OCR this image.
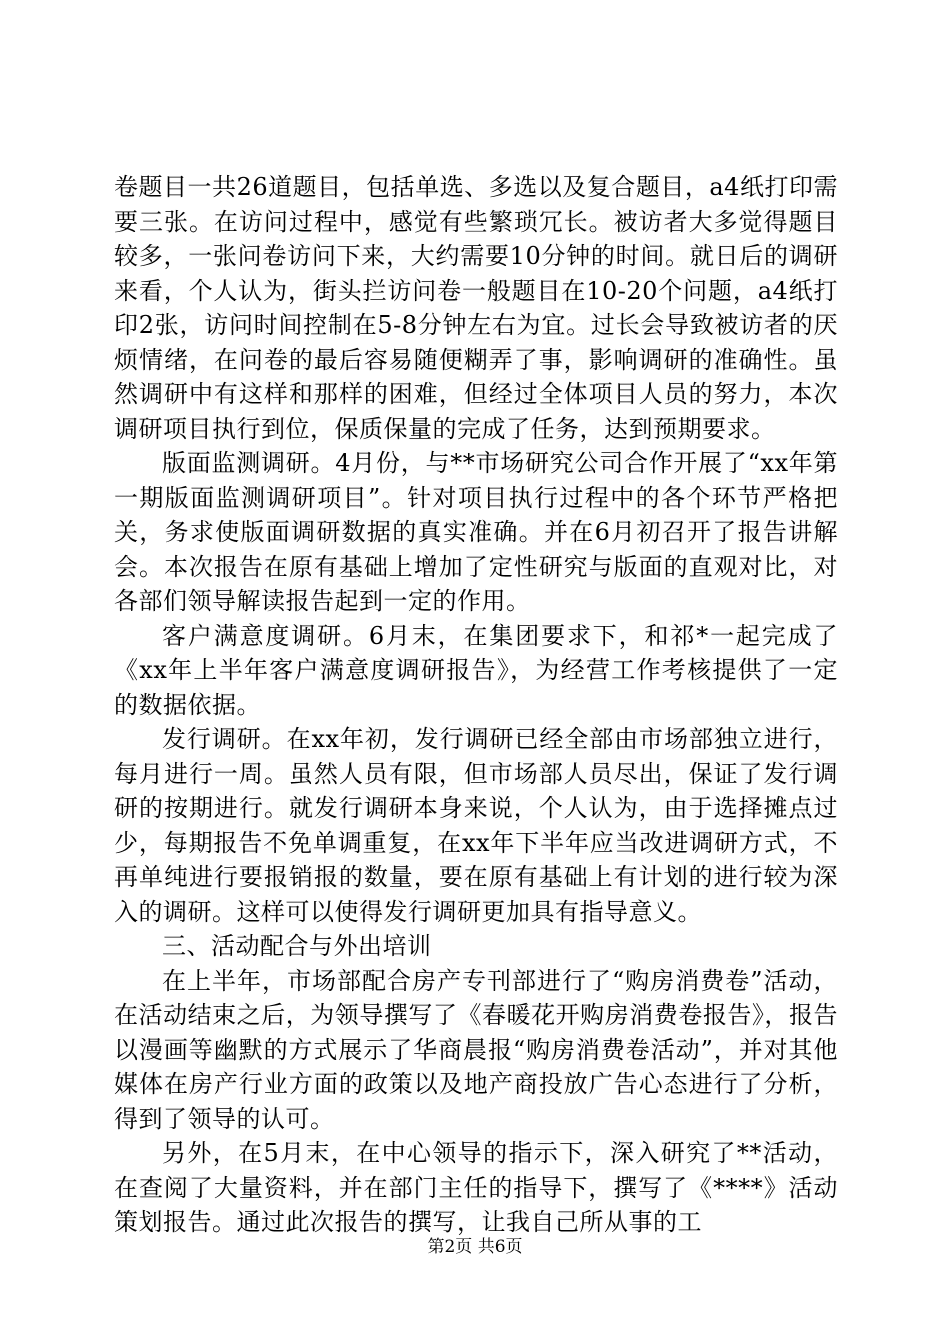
卷题目一共26道题目，包括单选、多选以及复合题目，a4纸打印需要三张。在访问过程中，感觉有些繁琐冗长。被访者大多觉得题目较多，一张问卷访问下来，大约需要10分钟的时间。就日后的调研来看，个人认为，街头拦访问卷一般题目在10-20个问题，a4纸打印2张，访问时间控制在5-8分钟左右为宜。过长会导致被访者的厌烦情绪，在问卷的最后容易随便糊弄了事，影响调研的准确性。虽然调研中有这样和那样的困难，但经过全体项目人员的努力，本次调研项目执行到位，保质保量的完成了任务，达到预期要求。

版面监测调研。4月份，与**市场研究公司合作开展了“xx年第一期版面监测调研项目”。针对项目执行过程中的各个环节严格把关，务求使版面调研数据的真实准确。并在6月初召开了报告讲解会。本次报告在原有基础上增加了定性研究与版面的直观对比，对各部们领导解读报告起到一定的作用。

客户满意度调研。6月末，在集团要求下，和祁*一起完成了《xx年上半年客户满意度调研报告》，为经营工作考核提供了一定的数据依据。

发行调研。在xx年初，发行调研已经全部由市场部独立进行，每月进行一周。虽然人员有限，但市场部人员尽出，保证了发行调研的按期进行。就发行调研本身来说，个人认为，由于选择摊点过少，每期报告不免单调重复，在xx年下半年应当改进调研方式，不再单纯进行要报销报的数量，要在原有基础上有计划的进行较为深入的调研。这样可以使得发行调研更加具有指导意义。

三、活动配合与外出培训

在上半年，市场部配合房产专刊部进行了“购房消费卷”活动，在活动结束之后，为领导撰写了《春暖花开购房消费卷报告》，报告以漫画等幽默的方式展示了华商晨报“购房消费卷活动”，并对其他媒体在房产行业方面的政策以及地产商投放广告心态进行了分析，得到了领导的认可。

另外，在5月末，在中心领导的指示下，深入研究了**活动，在查阅了大量资料，并在部门主任的指导下，撰写了《****》活动策划报告。通过此次报告的撰写，让我自己所从事的工

第2页 共6页
